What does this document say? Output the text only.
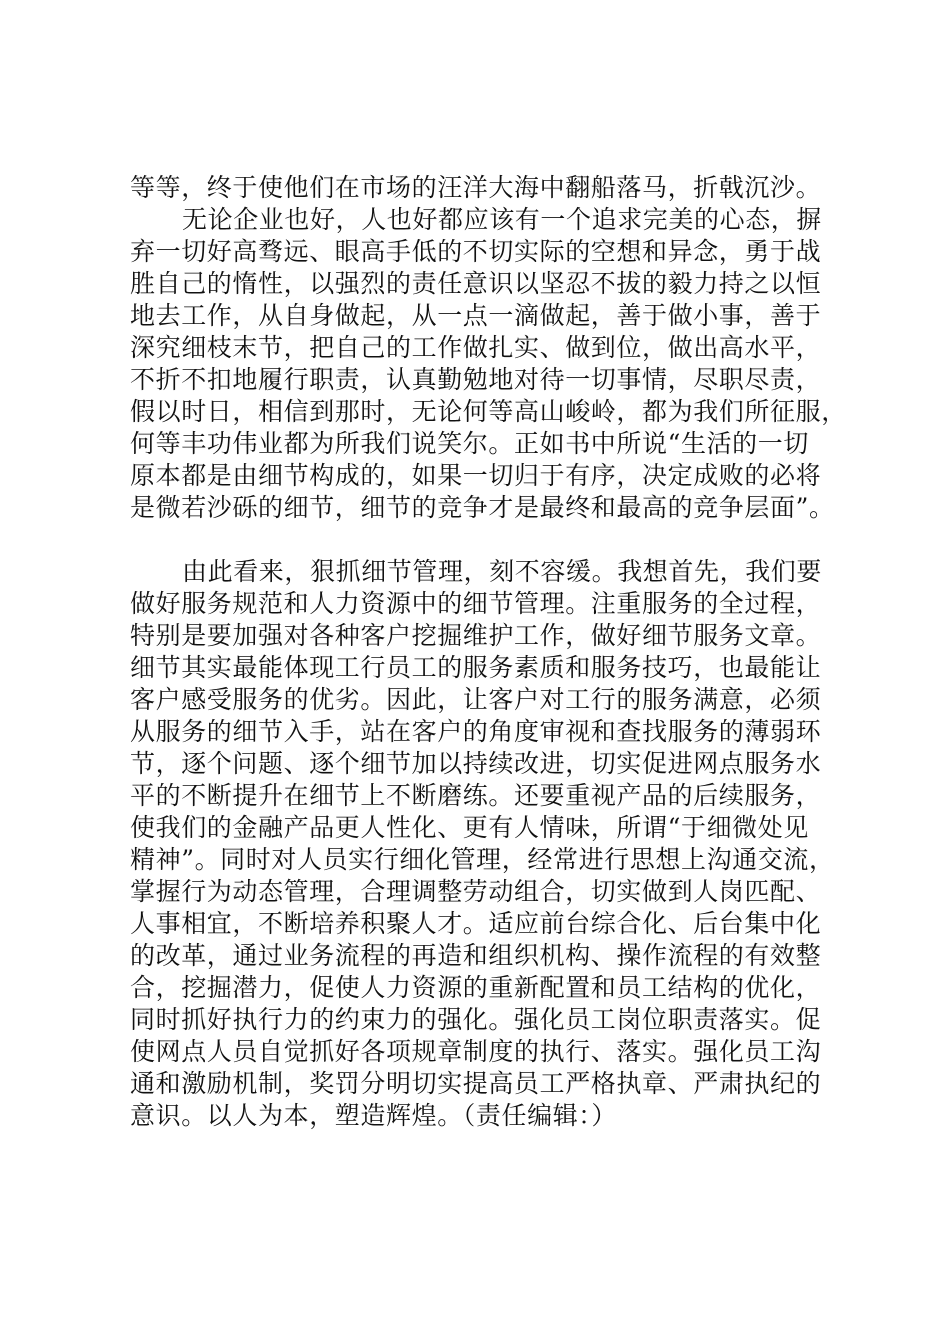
等等，终于使他们在市场的汪洋大海中翻船落马，折戟沉沙。
无论企业也好，人也好都应该有一个追求完美的心态，摒
弃一切好高骛远、眼高手低的不切实际的空想和异念，勇于战
胜自己的惰性，以强烈的责任意识以坚忍不拔的毅力持之以恒
地去工作，从自身做起，从一点一滴做起，善于做小事，善于
深究细枝末节，把自己的工作做扎实、做到位，做出高水平，
不折不扣地履行职责，认真勤勉地对待一切事情，尽职尽责，
假以时日，相信到那时，无论何等高山峻岭，都为我们所征服，
何等丰功伟业都为所我们说笑尔。正如书中所说“生活的一切
原本都是由细节构成的，如果一切归于有序，决定成败的必将
是微若沙砾的细节，细节的竞争才是最终和最高的竞争层面”。
由此看来，狠抓细节管理，刻不容缓。我想首先，我们要
做好服务规范和人力资源中的细节管理。注重服务的全过程，
特别是要加强对各种客户挖掘维护工作，做好细节服务文章。
细节其实最能体现工行员工的服务素质和服务技巧，也最能让
客户感受服务的优劣。因此，让客户对工行的服务满意，必须
从服务的细节入手，站在客户的角度审视和查找服务的薄弱环
节，逐个问题、逐个细节加以持续改进，切实促进网点服务水
平的不断提升在细节上不断磨练。还要重视产品的后续服务，
使我们的金融产品更人性化、更有人情味，所谓“于细微处见
精神”。同时对人员实行细化管理，经常进行思想上沟通交流，
掌握行为动态管理，合理调整劳动组合，切实做到人岗匹配、
人事相宜，不断培养积聚人才。适应前台综合化、后台集中化
的改革，通过业务流程的再造和组织机构、操作流程的有效整
合，挖掘潜力，促使人力资源的重新配置和员工结构的优化，
同时抓好执行力的约束力的强化。强化员工岗位职责落实。促
使网点人员自觉抓好各项规章制度的执行、落实。强化员工沟
通和激励机制，奖罚分明切实提高员工严格执章、严肃执纪的
意识。以人为本，塑造辉煌。（责任编辑：）
